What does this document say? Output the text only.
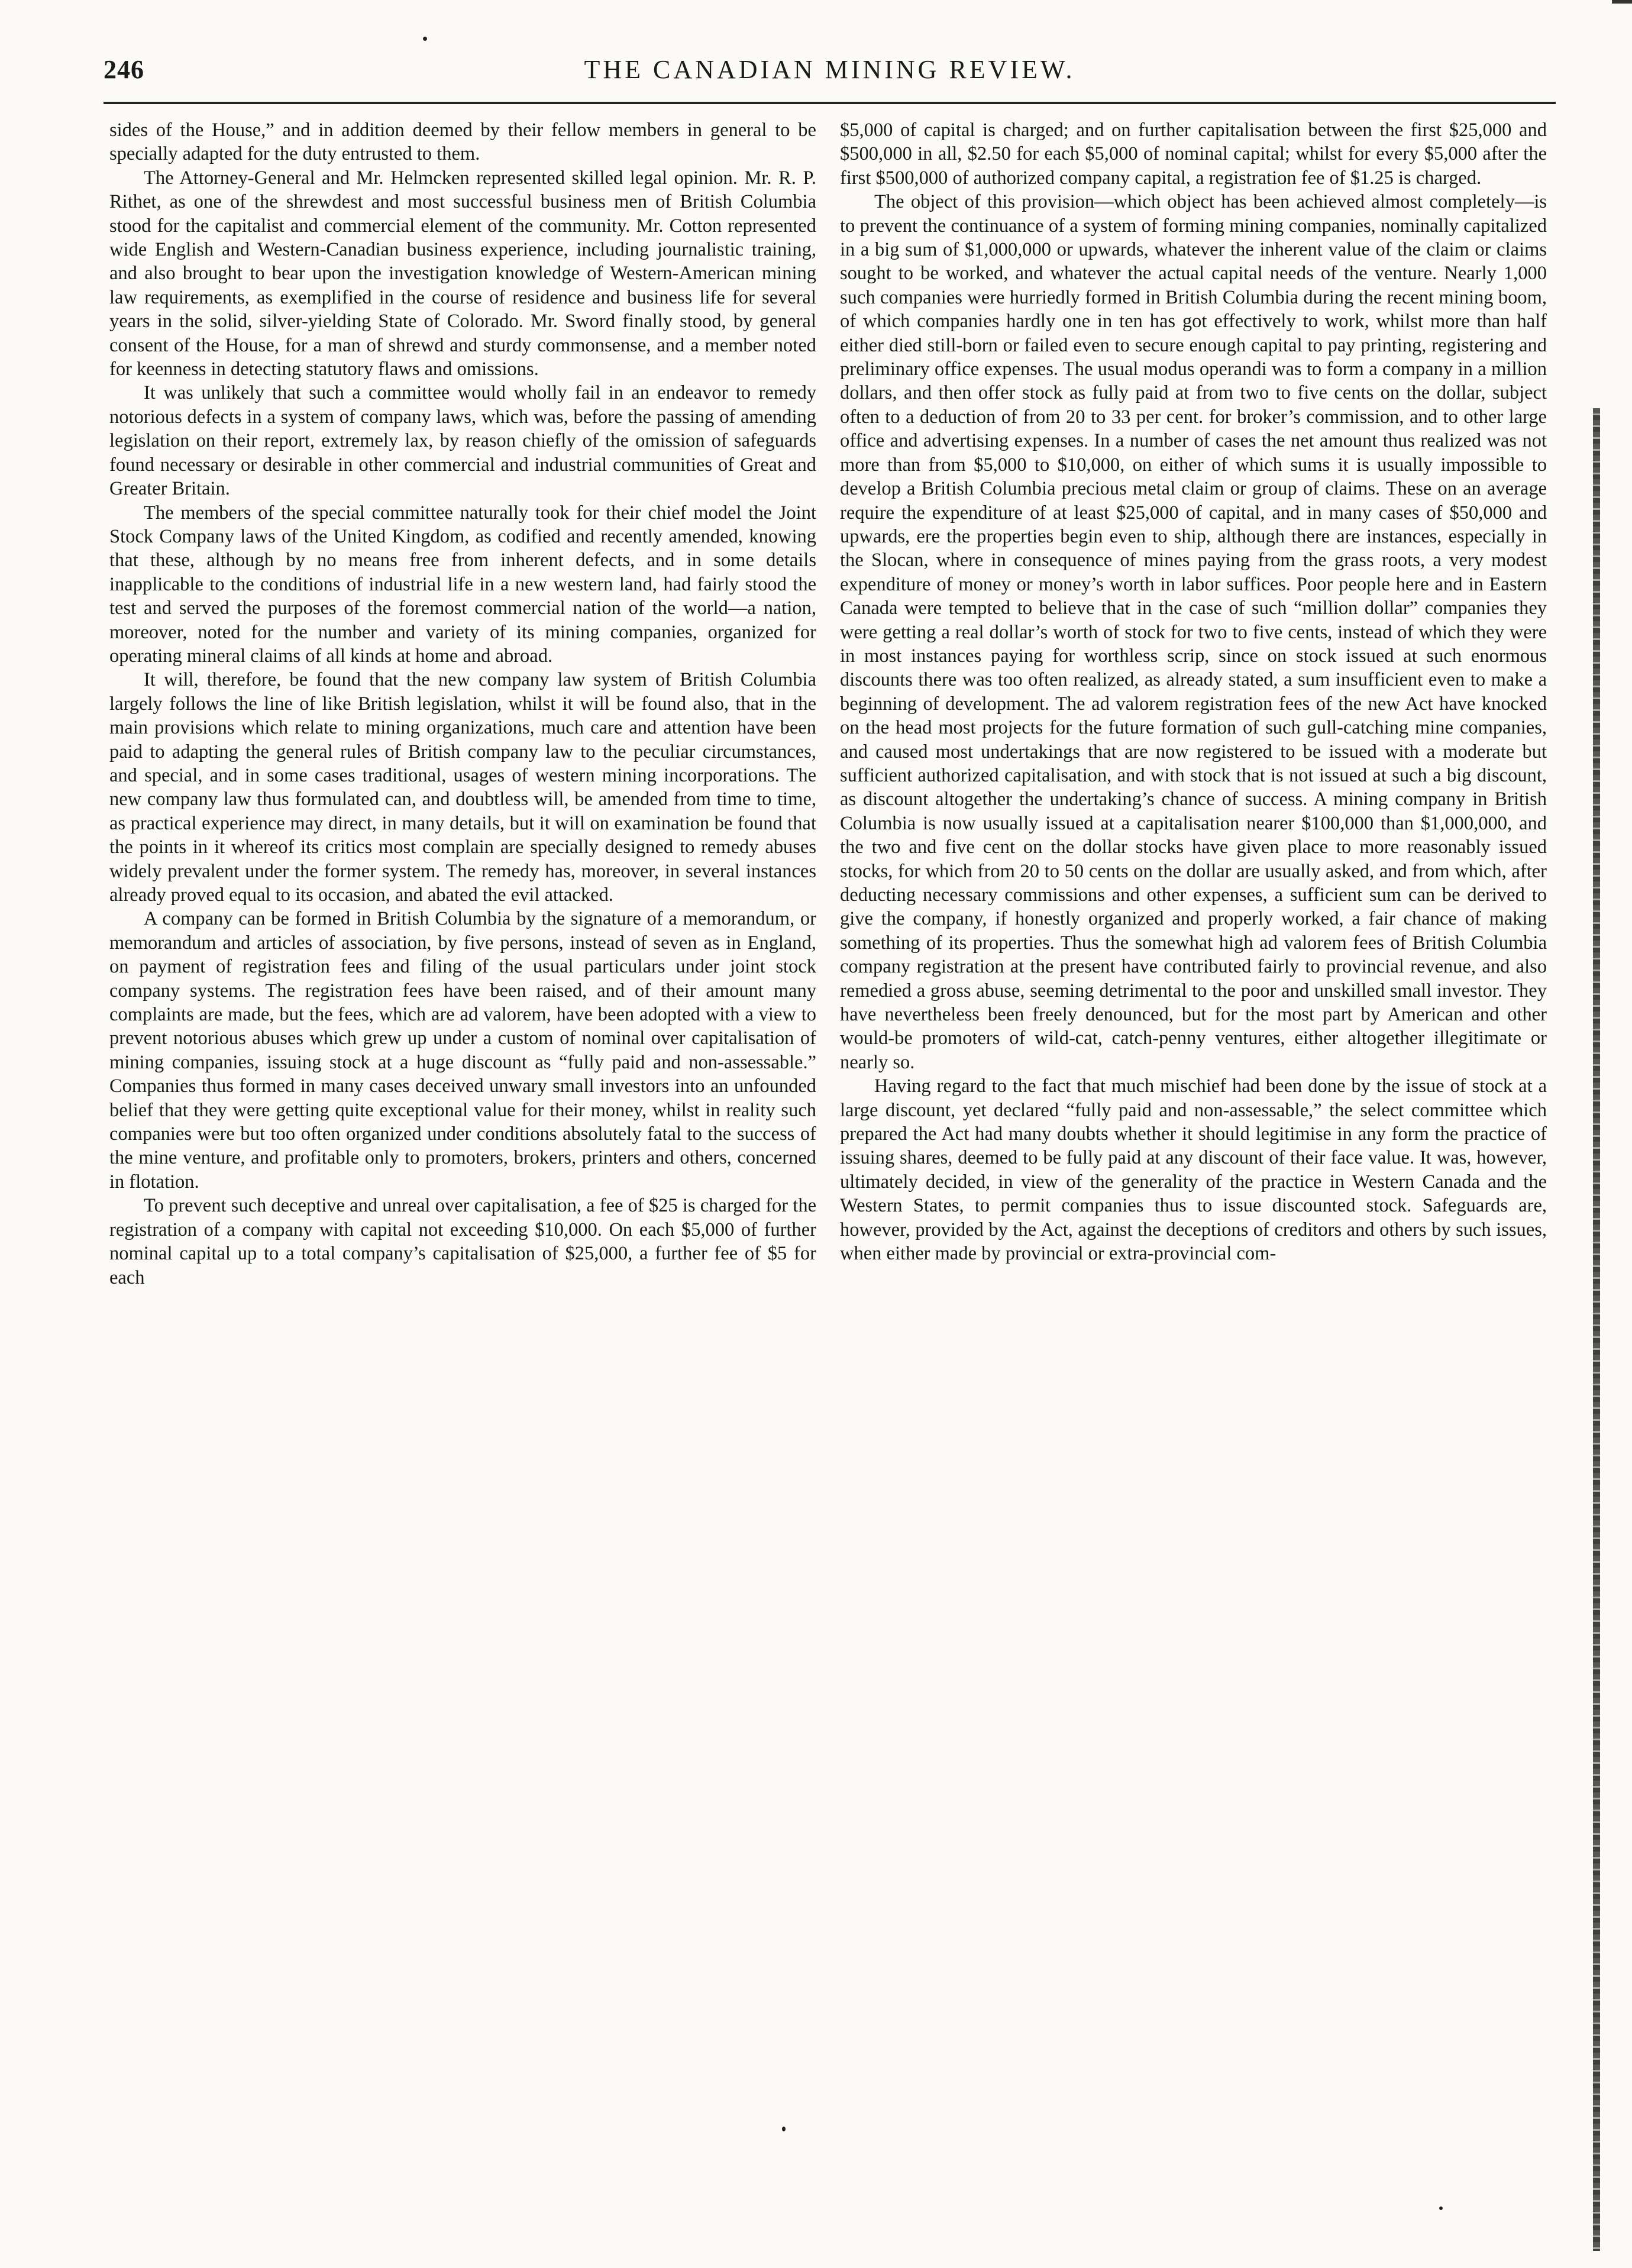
246	THE CANADIAN MINING REVIEW.

sides of the House,” and in addition deemed by their fellow members in general to be specially adapted for the duty entrusted to them.

The Attorney-General and Mr. Helmcken represented skilled legal opinion. Mr. R. P. Rithet, as one of the shrewdest and most successful business men of British Columbia stood for the capitalist and commercial element of the community. Mr. Cotton represented wide English and Western-Canadian business experience, including journalistic training, and also brought to bear upon the investigation knowledge of Western-American mining law requirements, as exemplified in the course of residence and business life for several years in the solid, silver-yielding State of Colorado. Mr. Sword finally stood, by general consent of the House, for a man of shrewd and sturdy commonsense, and a member noted for keenness in detecting statutory flaws and omissions.

It was unlikely that such a committee would wholly fail in an endeavor to remedy notorious defects in a system of company laws, which was, before the passing of amending legislation on their report, extremely lax, by reason chiefly of the omission of safeguards found necessary or desirable in other commercial and industrial communities of Great and Greater Britain.

The members of the special committee naturally took for their chief model the Joint Stock Company laws of the United Kingdom, as codified and recently amended, knowing that these, although by no means free from inherent defects, and in some details inapplicable to the conditions of industrial life in a new western land, had fairly stood the test and served the purposes of the foremost commercial nation of the world—a nation, moreover, noted for the number and variety of its mining companies, organized for operating mineral claims of all kinds at home and abroad.

It will, therefore, be found that the new company law system of British Columbia largely follows the line of like British legislation, whilst it will be found also, that in the main provisions which relate to mining organizations, much care and attention have been paid to adapting the general rules of British company law to the peculiar circumstances, and special, and in some cases traditional, usages of western mining incorporations. The new company law thus formulated can, and doubtless will, be amended from time to time, as practical experience may direct, in many details, but it will on examination be found that the points in it whereof its critics most complain are specially designed to remedy abuses widely prevalent under the former system. The remedy has, moreover, in several instances already proved equal to its occasion, and abated the evil attacked.

A company can be formed in British Columbia by the signature of a memorandum, or memorandum and articles of association, by five persons, instead of seven as in England, on payment of registration fees and filing of the usual particulars under joint stock company systems. The registration fees have been raised, and of their amount many complaints are made, but the fees, which are ad valorem, have been adopted with a view to prevent notorious abuses which grew up under a custom of nominal over capitalisation of mining companies, issuing stock at a huge discount as “fully paid and non-assessable.” Companies thus formed in many cases deceived unwary small investors into an unfounded belief that they were getting quite exceptional value for their money, whilst in reality such companies were but too often organized under conditions absolutely fatal to the success of the mine venture, and profitable only to promoters, brokers, printers and others, concerned in flotation.

To prevent such deceptive and unreal over capitalisation, a fee of $25 is charged for the registration of a company with capital not exceeding $10,000. On each $5,000 of further nominal capital up to a total company’s capitalisation of $25,000, a further fee of $5 for each

$5,000 of capital is charged; and on further capitalisation between the first $25,000 and $500,000 in all, $2.50 for each $5,000 of nominal capital; whilst for every $5,000 after the first $500,000 of authorized company capital, a registration fee of $1.25 is charged.

The object of this provision—which object has been achieved almost completely—is to prevent the continuance of a system of forming mining companies, nominally capitalized in a big sum of $1,000,000 or upwards, whatever the inherent value of the claim or claims sought to be worked, and whatever the actual capital needs of the venture. Nearly 1,000 such companies were hurriedly formed in British Columbia during the recent mining boom, of which companies hardly one in ten has got effectively to work, whilst more than half either died still-born or failed even to secure enough capital to pay printing, registering and preliminary office expenses. The usual modus operandi was to form a company in a million dollars, and then offer stock as fully paid at from two to five cents on the dollar, subject often to a deduction of from 20 to 33 per cent. for broker’s commission, and to other large office and advertising expenses. In a number of cases the net amount thus realized was not more than from $5,000 to $10,000, on either of which sums it is usually impossible to develop a British Columbia precious metal claim or group of claims. These on an average require the expenditure of at least $25,000 of capital, and in many cases of $50,000 and upwards, ere the properties begin even to ship, although there are instances, especially in the Slocan, where in consequence of mines paying from the grass roots, a very modest expenditure of money or money’s worth in labor suffices. Poor people here and in Eastern Canada were tempted to believe that in the case of such “million dollar” companies they were getting a real dollar’s worth of stock for two to five cents, instead of which they were in most instances paying for worthless scrip, since on stock issued at such enormous discounts there was too often realized, as already stated, a sum insufficient even to make a beginning of development. The ad valorem registration fees of the new Act have knocked on the head most projects for the future formation of such gull-catching mine companies, and caused most undertakings that are now registered to be issued with a moderate but sufficient authorized capitalisation, and with stock that is not issued at such a big discount, as discount altogether the undertaking’s chance of success. A mining company in British Columbia is now usually issued at a capitalisation nearer $100,000 than $1,000,000, and the two and five cent on the dollar stocks have given place to more reasonably issued stocks, for which from 20 to 50 cents on the dollar are usually asked, and from which, after deducting necessary commissions and other expenses, a sufficient sum can be derived to give the company, if honestly organized and properly worked, a fair chance of making something of its properties. Thus the somewhat high ad valorem fees of British Columbia company registration at the present have contributed fairly to provincial revenue, and also remedied a gross abuse, seeming detrimental to the poor and unskilled small investor. They have nevertheless been freely denounced, but for the most part by American and other would-be promoters of wild-cat, catch-penny ventures, either altogether illegitimate or nearly so.

Having regard to the fact that much mischief had been done by the issue of stock at a large discount, yet declared “fully paid and non-assessable,” the select committee which prepared the Act had many doubts whether it should legitimise in any form the practice of issuing shares, deemed to be fully paid at any discount of their face value. It was, however, ultimately decided, in view of the generality of the practice in Western Canada and the Western States, to permit companies thus to issue discounted stock. Safeguards are, however, provided by the Act, against the deceptions of creditors and others by such issues, when either made by provincial or extra-provincial com-
